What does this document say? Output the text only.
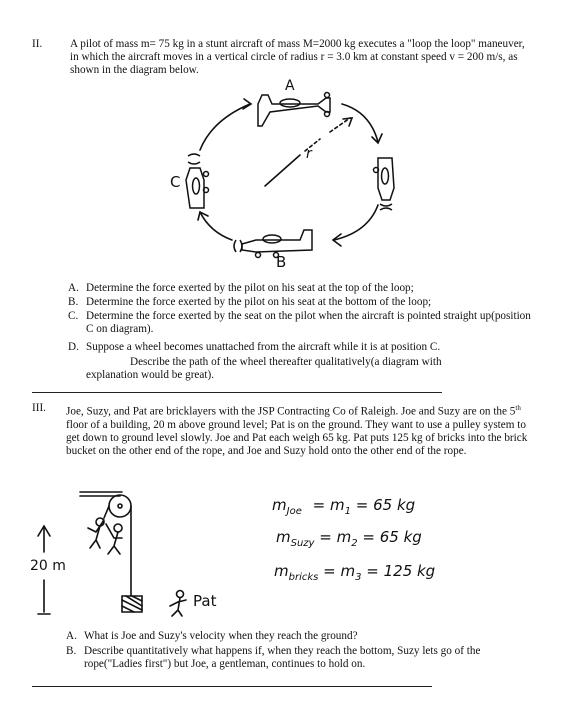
II. A pilot of mass m= 75 kg in a stunt aircraft of mass M=2000 kg executes a "loop the loop" maneuver, in which the aircraft moves in a vertical circle of radius r = 3.0 km at constant speed v = 200 m/s, as shown in the diagram below.
A
B
C
r
A. Determine the force exerted by the pilot on his seat at the top of the loop;
B. Determine the force exerted by the pilot on his seat at the bottom of the loop;
C. Determine the force exerted by the seat on the pilot when the aircraft is pointed straight up(position C on diagram).
D. Suppose a wheel becomes unattached from the aircraft while it is at position C.
Describe the path of the wheel thereafter qualitatively(a diagram with explanation would be great).
III. Joe, Suzy, and Pat are bricklayers with the JSP Contracting Co of Raleigh. Joe and Suzy are on the 5th floor of a building, 20 m above ground level; Pat is on the ground. They want to use a pulley system to get down to ground level slowly. Joe and Pat each weigh 65 kg. Pat puts 125 kg of bricks into the brick bucket on the other end of the rope, and Joe and Suzy hold onto the other end of the rope.
20 m
Pat
$m_{Joe} = m_1 = 65$ kg
$m_{Suzy} = m_2 = 65$ kg
$m_{bricks} = m_3 = 125$ kg
A. What is Joe and Suzy's velocity when they reach the ground?
B. Describe quantitatively what happens if, when they reach the bottom, Suzy lets go of the rope("Ladies first") but Joe, a gentleman, continues to hold on.
